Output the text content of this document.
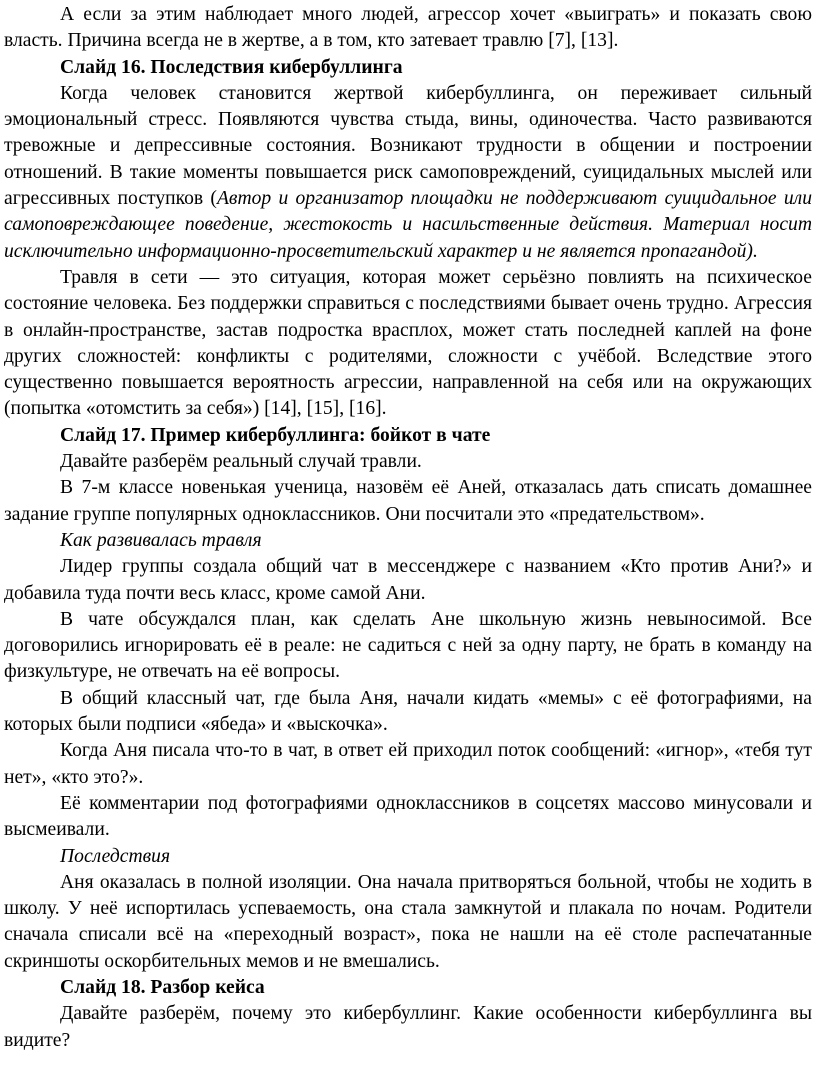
А если за этим наблюдает много людей, агрессор хочет «выиграть» и показать свою власть. Причина всегда не в жертве, а в том, кто затевает травлю [7], [13].

Слайд 16. Последствия кибербуллинга

Когда человек становится жертвой кибербуллинга, он переживает сильный эмоциональный стресс. Появляются чувства стыда, вины, одиночества. Часто развиваются тревожные и депрессивные состояния. Возникают трудности в общении и построении отношений. В такие моменты повышается риск самоповреждений, суицидальных мыслей или агрессивных поступков (Автор и организатор площадки не поддерживают суицидальное или самоповреждающее поведение, жестокость и насильственные действия. Материал носит исключительно информационно-просветительский характер и не является пропагандой).

Травля в сети — это ситуация, которая может серьёзно повлиять на психическое состояние человека. Без поддержки справиться с последствиями бывает очень трудно. Агрессия в онлайн-пространстве, застав подростка врасплох, может стать последней каплей на фоне других сложностей: конфликты с родителями, сложности с учёбой. Вследствие этого существенно повышается вероятность агрессии, направленной на себя или на окружающих (попытка «отомстить за себя») [14], [15], [16].

Слайд 17. Пример кибербуллинга: бойкот в чате

Давайте разберём реальный случай травли.

В 7-м классе новенькая ученица, назовём её Аней, отказалась дать списать домашнее задание группе популярных одноклассников. Они посчитали это «предательством».

Как развивалась травля

Лидер группы создала общий чат в мессенджере с названием «Кто против Ани?» и добавила туда почти весь класс, кроме самой Ани.

В чате обсуждался план, как сделать Ане школьную жизнь невыносимой. Все договорились игнорировать её в реале: не садиться с ней за одну парту, не брать в команду на физкультуре, не отвечать на её вопросы.

В общий классный чат, где была Аня, начали кидать «мемы» с её фотографиями, на которых были подписи «ябеда» и «выскочка».

Когда Аня писала что-то в чат, в ответ ей приходил поток сообщений: «игнор», «тебя тут нет», «кто это?».

Её комментарии под фотографиями одноклассников в соцсетях массово минусовали и высмеивали.

Последствия

Аня оказалась в полной изоляции. Она начала притворяться больной, чтобы не ходить в школу. У неё испортилась успеваемость, она стала замкнутой и плакала по ночам. Родители сначала списали всё на «переходный возраст», пока не нашли на её столе распечатанные скриншоты оскорбительных мемов и не вмешались.

Слайд 18. Разбор кейса

Давайте разберём, почему это кибербуллинг. Какие особенности кибербуллинга вы видите?
